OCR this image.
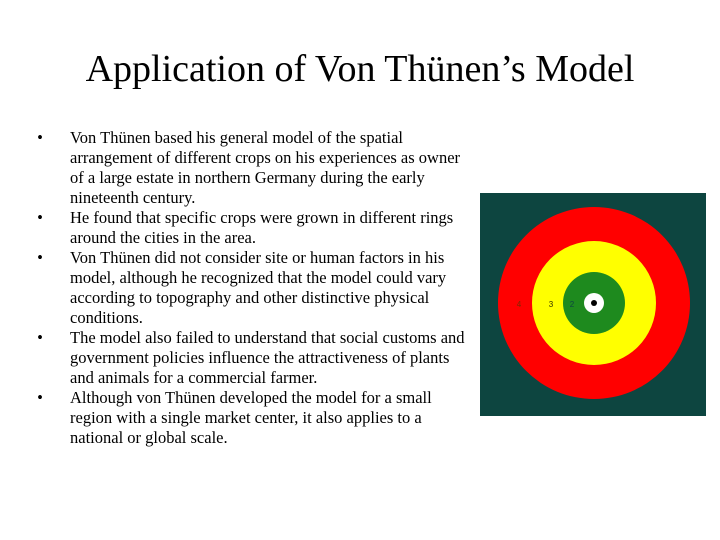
Application of Von Thünen’s Model
•	Von Thünen based his general model of the spatial arrangement of different crops on his experiences as owner of a large estate in northern Germany during the early nineteenth century.
•	He found that specific crops were grown in different rings around the cities in the area.
•	Von Thünen did not consider site or human factors in his model, although he recognized that the model could vary according to topography and other distinctive physical conditions.
•	The model also failed to understand that social customs and government policies influence the attractiveness of plants and animals for a commercial farmer.
•	Although von Thünen developed the model for a small region with a single market center, it also applies to a national or global scale.
4	3 2
